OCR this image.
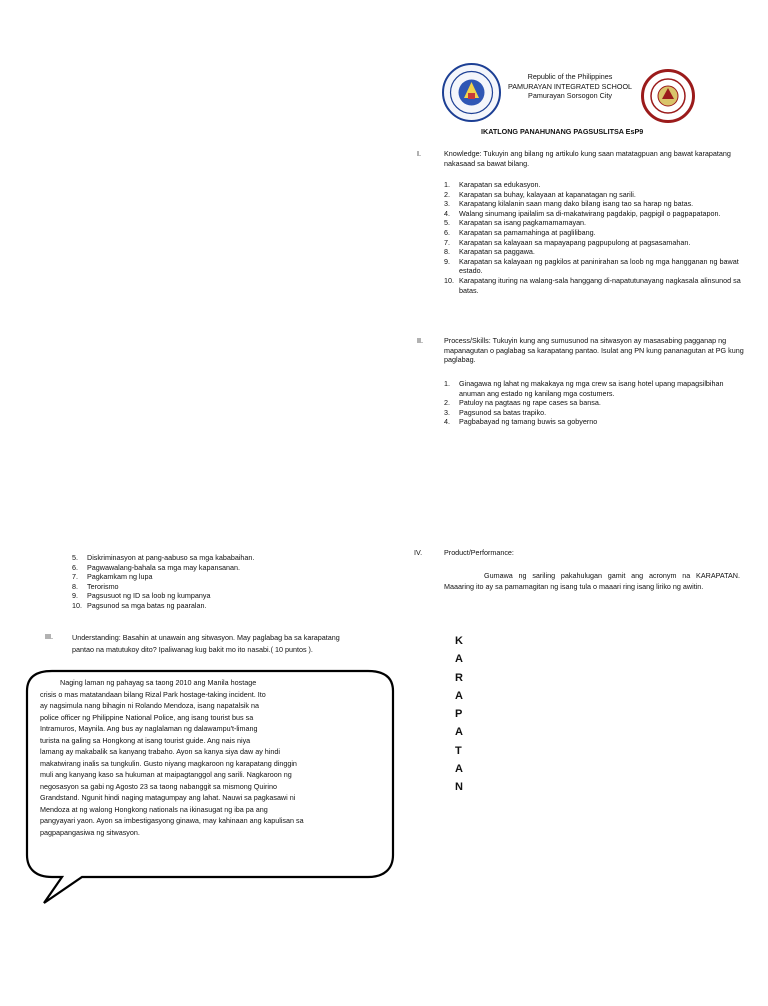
Republic of the Philippines
PAMURAYAN INTEGRATED SCHOOL
Pamurayan Sorsogon City
IKATLONG PANAHUNANG PAGSUSLITSA EsP9
I.	Knowledge: Tukuyin ang bilang ng artikulo kung saan matatagpuan ang bawat karapatang nakasaad sa bawat bilang.
1. Karapatan sa edukasyon.
2. Karapatan sa buhay, kalayaan at kapanatagan ng sarili.
3. Karapatang kilalanin saan mang dako bilang isang tao sa harap ng batas.
4. Walang sinumang ipailalim sa di-makatwirang pagdakip, pagpigil o pagpapatapon.
5. Karapatan sa isang pagkamamamayan.
6. Karapatan sa pamamahinga at paglilibang.
7. Karapatan sa kalayaan sa mapayapang pagpupulong at pagsasamahan.
8. Karapatan sa paggawa.
9. Karapatan sa kalayaan ng pagkilos at paninirahan sa loob ng mga hangganan ng bawat estado.
10. Karapatang ituring na walang-sala hanggang di-napatutunayang nagkasala alinsunod sa batas.
II.	Process/Skills: Tukuyin kung ang sumusunod na sitwasyon ay masasabing pagganap ng mapanagutan o paglabag sa karapatang pantao. Isulat ang PN kung pananagutan at PG kung paglabag.
1. Ginagawa ng lahat ng makakaya ng mga crew sa isang hotel upang mapagsilbihan anuman ang estado ng kanilang mga costumers.
2. Patuloy na pagtaas ng rape cases sa bansa.
3. Pagsunod sa batas trapiko.
4. Pagbabayad ng tamang buwis sa gobyerno
5. Diskriminasyon at pang-aabuso sa mga kababaihan.
6. Pagwawalang-bahala sa mga may kapansanan.
7. Pagkamkam ng lupa
8. Terorismo
9. Pagsusuot ng ID sa loob ng kumpanya
10. Pagsunod sa mga batas ng paaralan.
III.	Understanding: Basahin at unawain ang sitwasyon. May paglabag ba sa karapatang pantao na matutukoy dito? Ipaliwanag kug bakit mo ito nasabi.( 10 puntos ).
Naging laman ng pahayag sa taong 2010 ang Manila hostage
crisis o mas matatandaan bilang Rizal Park hostage-taking incident. Ito
ay nagsimula nang bihagin ni Rolando Mendoza, isang napatalsik na
police officer ng Philippine National Police, ang isang tourist bus sa
Intramuros, Maynila. Ang bus ay naglalaman ng dalawampu't-limang
turista na galing sa Hongkong at isang tourist guide. Ang nais niya
lamang ay makabalik sa kanyang trabaho. Ayon sa kanya siya daw ay hindi
makatwirang inalis sa tungkulin. Gusto niyang magkaroon ng karapatang dinggin
muli ang kanyang kaso sa hukuman at maipagtanggol ang sarili. Nagkaroon ng
negosasyon sa gabi ng Agosto 23 sa taong nabanggit sa mismong Quirino
Grandstand. Ngunit hindi naging matagumpay ang lahat. Nauwi sa pagkasawi ni
Mendoza at ng walong Hongkong nationals na ikinasugat ng iba pa ang
pangyayari yaon. Ayon sa imbestigasyong ginawa, may kahinaan ang kapulisan sa
pagpapangasiwa ng sitwasyon.
IV.	Product/Performance:
Gumawa ng sariling pakahulugan gamit ang acronym na KARAPATAN. Maaaring ito ay sa pamamagitan ng isang tula o maaari ring isang liriko ng awitin.
K
A
R
A
P
A
T
A
N
